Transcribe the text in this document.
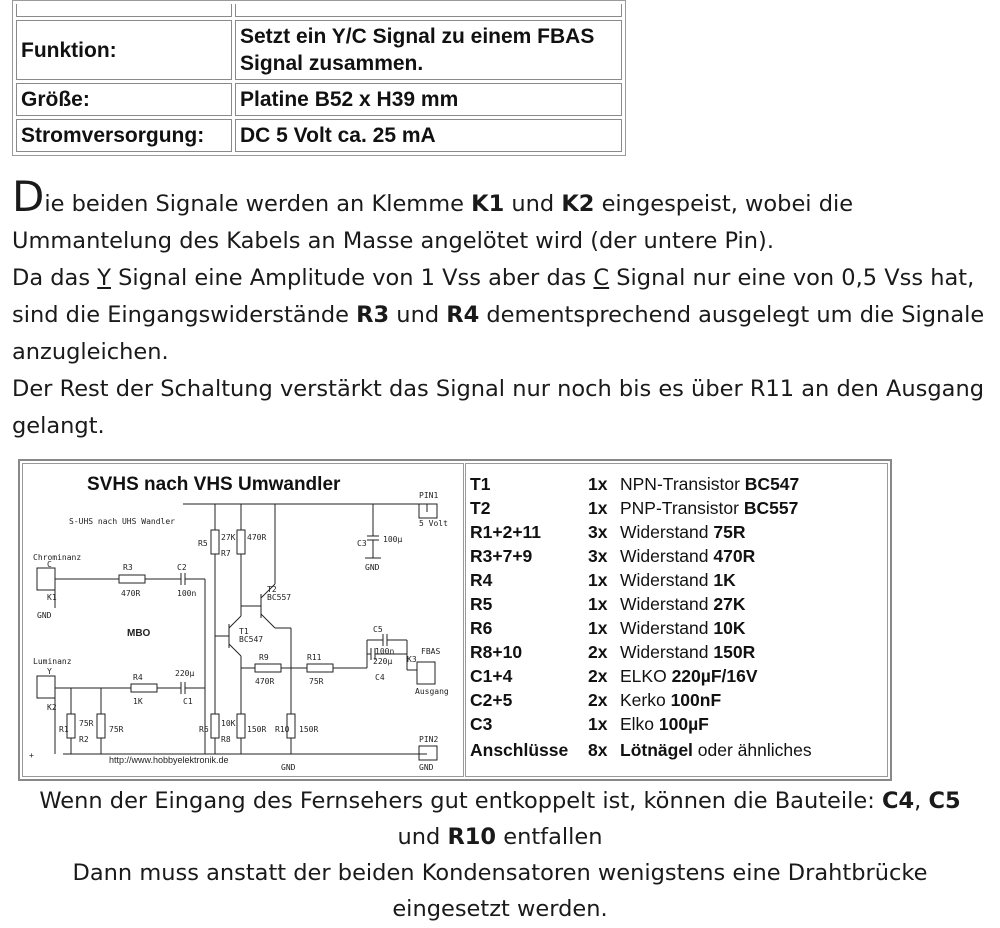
Funktion:	Setzt ein Y/C Signal zu einem FBAS Signal zusammen.
Größe:	Platine B52 x H39 mm
Stromversorgung:	DC 5 Volt ca. 25 mA

Die beiden Signale werden an Klemme K1 und K2 eingespeist, wobei die Ummantelung des Kabels an Masse angelötet wird (der untere Pin).

Da das Y Signal eine Amplitude von 1 Vss aber das C Signal nur eine von 0,5 Vss hat, sind die Eingangswiderstände R3 und R4 dementsprechend ausgelegt um die Signale anzugleichen.

Der Rest der Schaltung verstärkt das Signal nur noch bis es über R11 an den Ausgang gelangt.

SVHS nach VHS Umwandler
S-UHS nach UHS Wandler
Chrominanz
C
K1
GND
Luminanz
Y
K2
MBO
R3
470R
C2
100n
R4
1K
220µ
C1
R5
27K
R7
470R
T1
BC547
T2
BC557
R6
10K
R8
150R
R1
75R
R2
75R
R9
470R
R11
75R
R10 150R
C3 100µ
GND
C5
100n
220µ
C4
PIN1
5 Volt
FBAS
K3
Ausgang
PIN2
GND
GND
http://www.hobbyelektronik.de
+
T1	1x NPN-Transistor BC547
T2	1x PNP-Transistor BC557
R1+2+11	3x Widerstand 75R
R3+7+9	3x Widerstand 470R
R4	1x Widerstand 1K
R5	1x Widerstand 27K
R6	1x Widerstand 10K
R8+10	2x Widerstand 150R
C1+4	2x ELKO 220µF/16V
C2+5	2x Kerko 100nF
C3	1x Elko 100µF
Anschlüsse 8x Lötnägel oder ähnliches

Wenn der Eingang des Fernsehers gut entkoppelt ist, können die Bauteile: C4, C5
und R10 entfallen

Dann muss anstatt der beiden Kondensatoren wenigstens eine Drahtbrücke eingesetzt werden.
